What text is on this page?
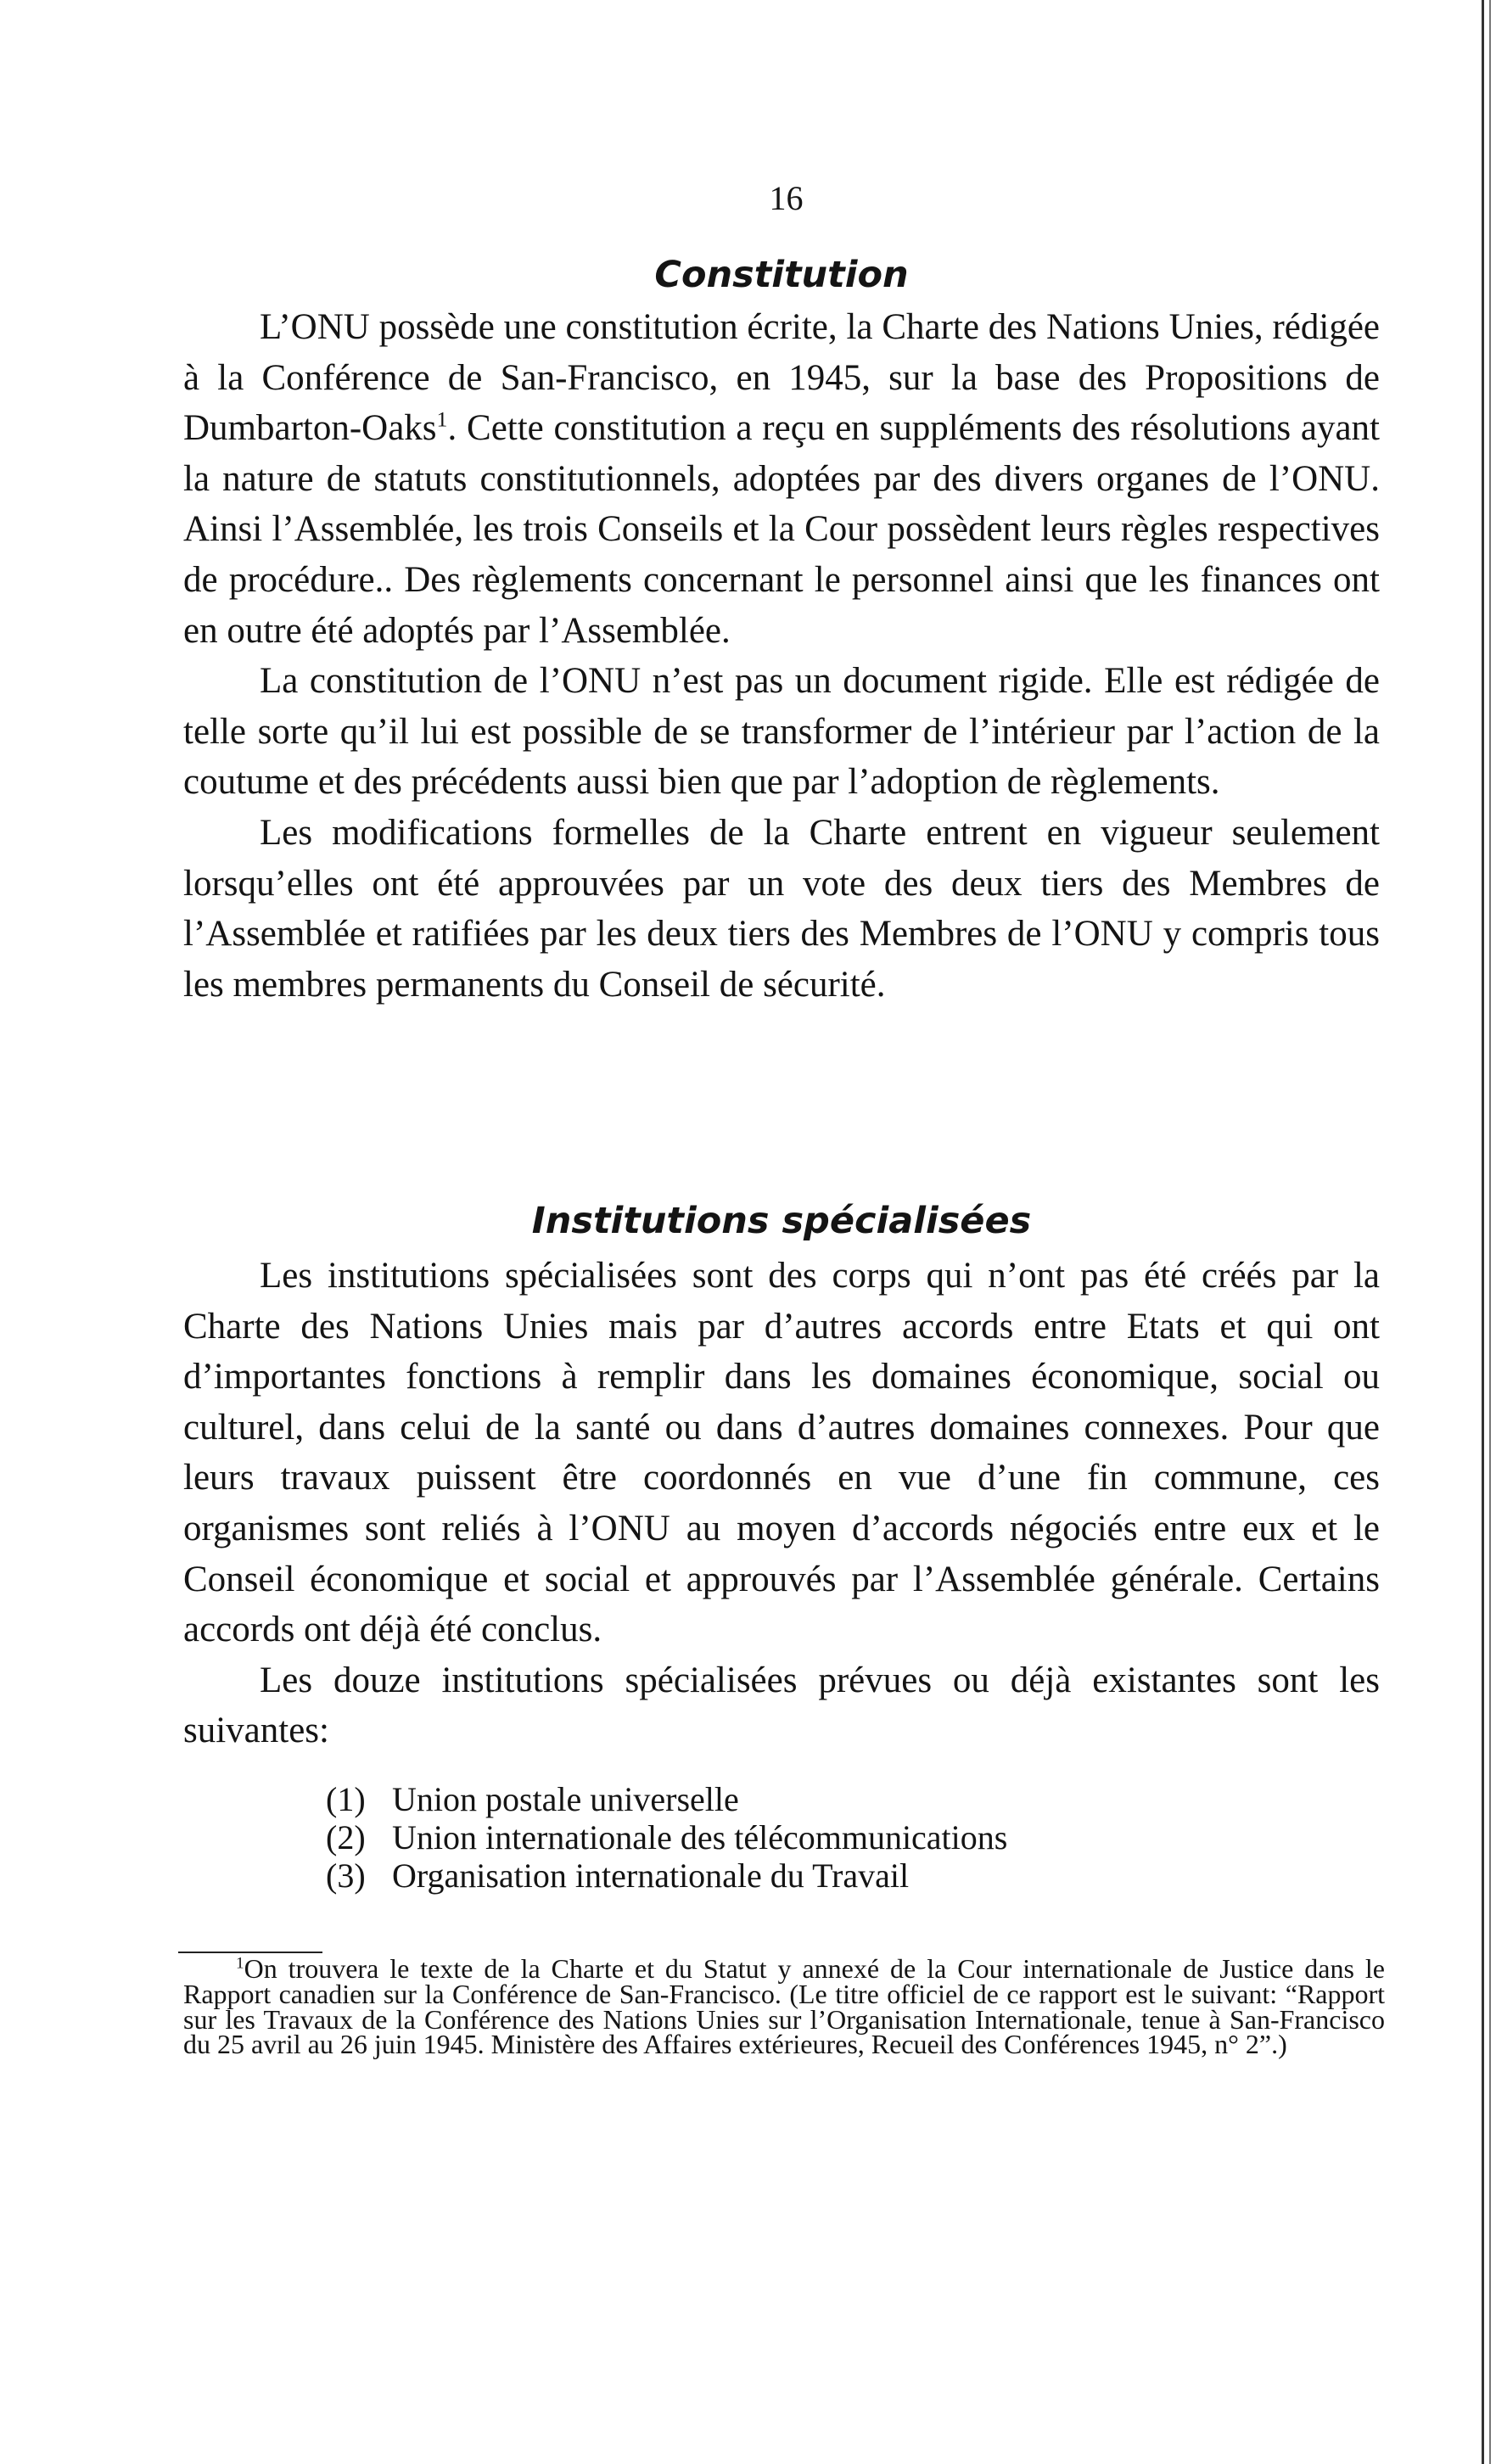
16
Constitution

L’ONU possède une constitution écrite, la Charte des Nations Unies, rédigée à la Conférence de San-Francisco, en 1945, sur la base des Propositions de Dumbarton-Oaks$^1$. Cette constitution a reçu en suppléments des résolutions ayant la nature de statuts constitutionnels, adoptées par des divers organes de l’ONU. Ainsi l’Assemblée, les trois Conseils et la Cour possèdent leurs règles respectives de procédure.. Des règlements concernant le personnel ainsi que les finances ont en outre été adoptés par l’Assemblée.

La constitution de l’ONU n’est pas un document rigide. Elle est rédigée de telle sorte qu’il lui est possible de se transformer de l’intérieur par l’action de la coutume et des précédents aussi bien que par l’adoption de règlements.

Les modifications formelles de la Charte entrent en vigueur seulement lorsqu’elles ont été approuvées par un vote des deux tiers des Membres de l’Assemblée et ratifiées par les deux tiers des Membres de l’ONU y compris tous les membres permanents du Conseil de sécurité.

Institutions spécialisées

Les institutions spécialisées sont des corps qui n’ont pas été créés par la Charte des Nations Unies mais par d’autres accords entre Etats et qui ont d’importantes fonctions à remplir dans les domaines économique, social ou culturel, dans celui de la santé ou dans d’autres domaines connexes. Pour que leurs travaux puissent être coordonnés en vue d’une fin commune, ces organismes sont reliés à l’ONU au moyen d’accords négociés entre eux et le Conseil économique et social et approuvés par l’Assemblée générale. Certains accords ont déjà été conclus.

Les douze institutions spécialisées prévues ou déjà existantes sont les suivantes:

(1) Union postale universelle
(2) Union internationale des télécommunications
(3) Organisation internationale du Travail

$^1$On trouvera le texte de la Charte et du Statut y annexé de la Cour internationale de Justice dans le Rapport canadien sur la Conférence de San-Francisco. (Le titre officiel de ce rapport est le suivant: “Rapport sur les Travaux de la Conférence des Nations Unies sur l’Organisation Internationale, tenue à San-Francisco du 25 avril au 26 juin 1945. Ministère des Affaires extérieures, Recueil des Conférences 1945, n° 2”.)
